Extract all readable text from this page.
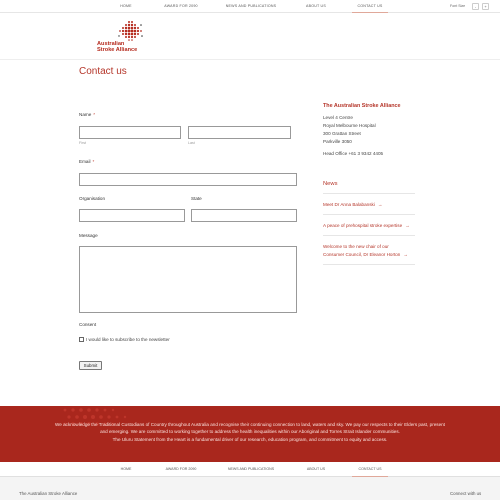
HOME	AWARD FOR 2090	NEWS AND PUBLICATIONS	ABOUT US	CONTACT US	Font Size	-	+
Australian
Stroke Alliance
Contact us
Name *
First	Last
Email *
Organisation	State
Message
Consent
I would like to subscribe to the newsletter
Submit
The Australian Stroke Alliance
Level 4 Centre
Royal Melbourne Hospital
300 Grattan Street
Parkville 3050
Head Office +61 3 9342 4405
News
Meet Dr Anna Balabanski →
A peace of prehospital stroke expertise →
Welcome to the new chair of our
Consumer Council, Dr Eleanor Horton →

We acknowledge the Traditional Custodians of Country throughout Australia and recognise their continuing connection to land, waters and sky. We pay our respects to their Elders past, present

and emerging. We are committed to working together to address the health inequalities within our Aboriginal and Torres Strait Islander communities.

The Uluru Statement from the Heart is a fundamental driver of our research, education program, and commitment to equity and access.

HOME	AWARD FOR 2090	NEWS AND PUBLICATIONS	ABOUT US	CONTACT US
The Australian Stroke Alliance	Connect with us
